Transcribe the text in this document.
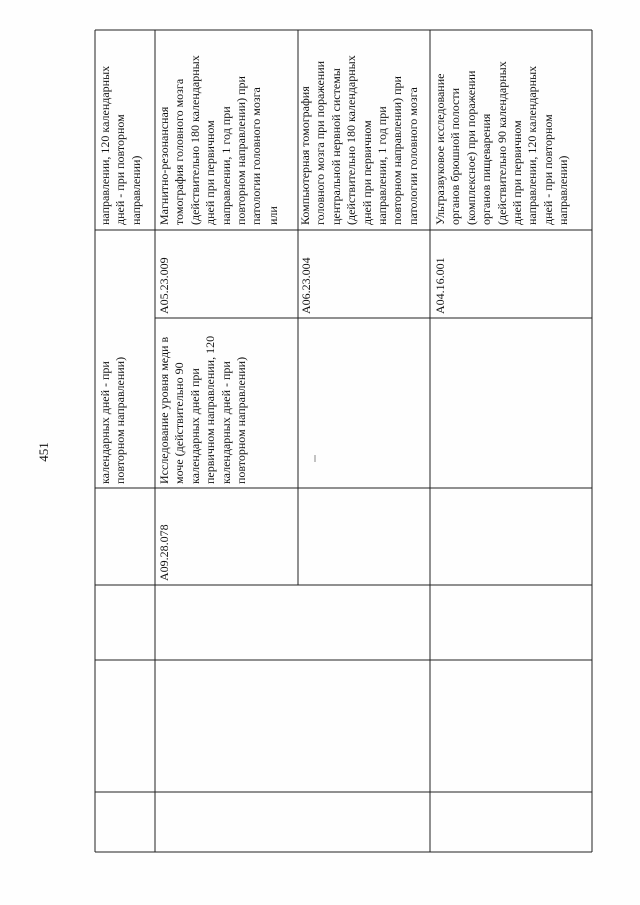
451
направлении, 120 календарных
дней - при повторном
направлении) Магнитно-резонансная
томография головного мозга
(действительно 180 календарных
дней при первичном
направлении, 1 год при
повторном направлении) при
патологии головного мозга
или Компьютерная томография
головного мозга при поражении
центральной нервной системы
(действительно 180 календарных
дней при первичном
направлении, 1 год при
повторном направлении) при
патологии головного мозга
Ультразвуковое исследование
органов брюшной полости
(комплексное) при поражении
органов пищеварения
(действительно 90 календарных
дней при первичном
направлении, 120 календарных
дней - при повторном
направлении)
A05.23.009	A06.23.004	A04.16.001
календарных дней - при
повторном направлении)
Исследование уровня меди в
моче (действительно 90
календарных дней при
первичном направлении, 120
календарных дней - при
повторном направлении)
A09.28.078
